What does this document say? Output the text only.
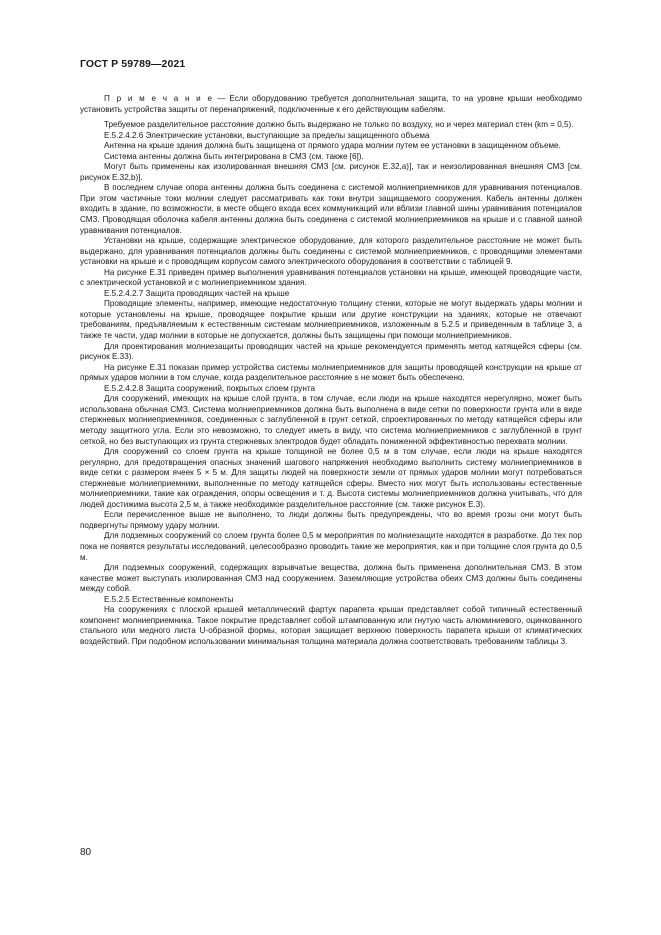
ГОСТ Р 59789—2021

П р и м е ч а н и е — Если оборудованию требуется дополнительная защита, то на уровне крыши необходимо установить устройства защиты от перенапряжений, подключенные к его действующим кабелям.

Требуемое разделительное расстояние должно быть выдержано не только по воздуху, но и через материал стен (km = 0,5).

Е.5.2.4.2.6 Электрические установки, выступающие за пределы защищенного объема

Антенна на крыше здания должна быть защищена от прямого удара молнии путем ее установки в защищенном объеме.

Система антенны должна быть интегрирована в СМЗ (см. также [6]).

Могут быть применены как изолированная внешняя СМЗ [см. рисунок Е.32,а)], так и неизолированная внешняя СМЗ [см. рисунок Е.32,b)].

В последнем случае опора антенны должна быть соединена с системой молниеприемников для уравнивания потенциалов. При этом частичные токи молнии следует рассматривать как токи внутри защищаемого сооружения. Кабель антенны должен входить в здание, по возможности, в месте общего входа всех коммуникаций или вблизи главной шины уравнивания потенциалов СМЗ. Проводящая оболочка кабеля антенны должна быть соединена с системой молниеприемников на крыше и с главной шиной уравнивания потенциалов.

Установки на крыше, содержащие электрическое оборудование, для которого разделительное расстояние не может быть выдержано, для уравнивания потенциалов должны быть соединены с системой молниеприемников, с проводящими элементами установки на крыше и с проводящим корпусом самого электрического оборудования в соответствии с таблицей 9.

На рисунке Е.31 приведен пример выполнения уравнивания потенциалов установки на крыше, имеющей проводящие части, с электрической установкой и с молниеприемником здания.

Е.5.2.4.2.7 Защита проводящих частей на крыше

Проводящие элементы, например, имеющие недостаточную толщину стенки, которые не могут выдержать удары молнии и которые установлены на крыше, проводящее покрытие крыши или другие конструкции на зданиях, которые не отвечают требованиям, предъявляемым к естественным системам молниеприемников, изложенным в 5.2.5 и приведенным в таблице 3, а также те части, удар молнии в которые не допускается, должны быть защищены при помощи молниеприемников.

Для проектирования молниезащиты проводящих частей на крыше рекомендуется применять метод катящейся сферы (см. рисунок Е.33).

На рисунке Е.31 показан пример устройства системы молниеприемников для защиты проводящей конструкции на крыше от прямых ударов молнии в том случае, когда разделительное расстояние s не может быть обеспечено.

Е.5.2.4.2.8 Защита сооружений, покрытых слоем грунта

Для сооружений, имеющих на крыше слой грунта, в том случае, если люди на крыше находятся нерегулярно, может быть использована обычная СМЗ. Система молниеприемников должна быть выполнена в виде сетки по поверхности грунта или в виде стержневых молниеприемников, соединенных с заглубленной в грунт сеткой, спроектированных по методу катящейся сферы или методу защитного угла. Если это невозможно, то следует иметь в виду, что система молниеприемников с заглубленной в грунт сеткой, но без выступающих из грунта стержневых электродов будет обладать пониженной эффективностью перехвата молнии.

Для сооружений со слоем грунта на крыше толщиной не более 0,5 м в том случае, если люди на крыше находятся регулярно, для предотвращения опасных значений шагового напряжения необходимо выполнить систему молниеприемников в виде сетки с размером ячеек 5 × 5 м. Для защиты людей на поверхности земли от прямых ударов молнии могут потребоваться стержневые молниеприемники, выполненные по методу катящейся сферы. Вместо них могут быть использованы естественные молниеприемники, такие как ограждения, опоры освещения и т. д. Высота системы молниеприемников должна учитывать, что для людей достижима высота 2,5 м, а также необходимое разделительное расстояние (см. также рисунок Е.3).

Если перечисленное выше не выполнено, то люди должны быть предупреждены, что во время грозы они могут быть подвергнуты прямому удару молнии.

Для подземных сооружений со слоем грунта более 0,5 м мероприятия по молниезащите находятся в разработке. До тех пор пока не появятся результаты исследований, целесообразно проводить такие же мероприятия, как и при толщине слоя грунта до 0,5 м.

Для подземных сооружений, содержащих взрывчатые вещества, должна быть применена дополнительная СМЗ. В этом качестве может выступать изолированная СМЗ над сооружением. Заземляющие устройства обеих СМЗ должны быть соединены между собой.

Е.5.2.5 Естественные компоненты

На сооружениях с плоской крышей металлический фартук парапета крыши представляет собой типичный естественный компонент молниеприемника. Такое покрытие представляет собой штампованную или гнутую часть алюминиевого, оцинкованного стального или медного листа U-образной формы, которая защищает верхнюю поверхность парапета крыши от климатических воздействий. При подобном использовании минимальная толщина материала должна соответствовать требованиям таблицы 3.

80
